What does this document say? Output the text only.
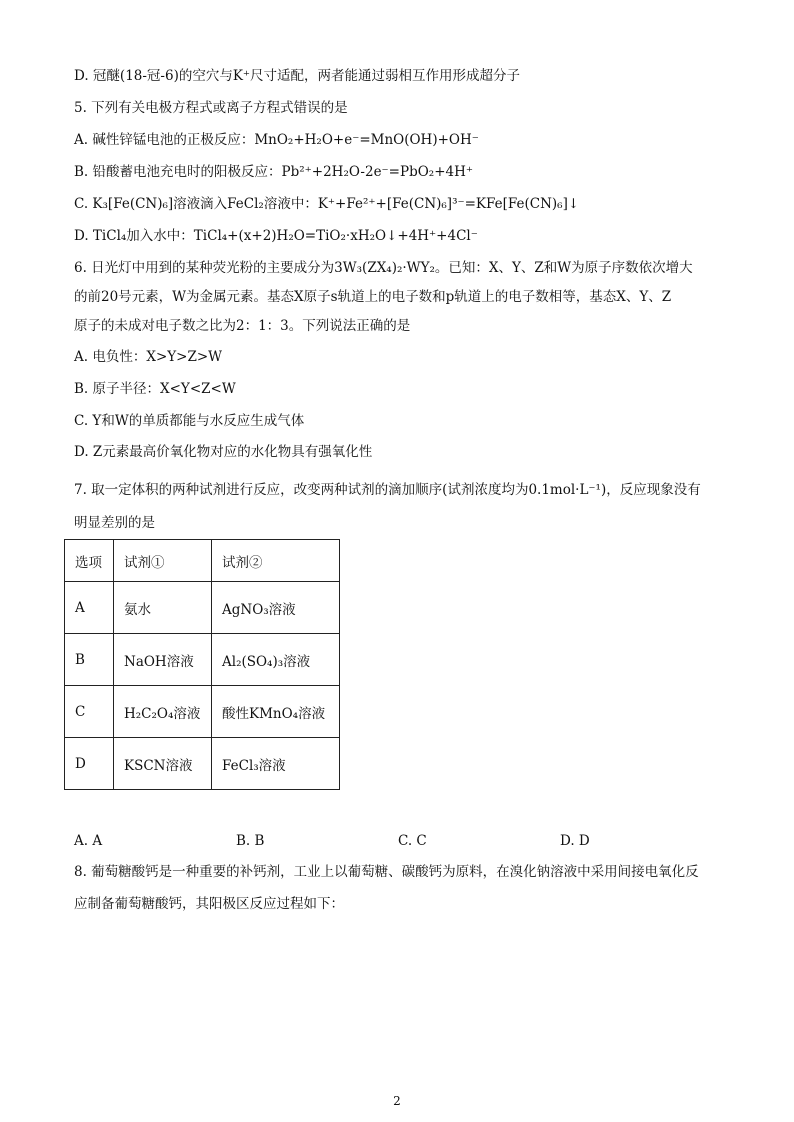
D. 冠醚(18-冠-6)的空穴与K⁺尺寸适配，两者能通过弱相互作用形成超分子
5. 下列有关电极方程式或离子方程式错误的是
A. 碱性锌锰电池的正极反应：MnO₂+H₂O+e⁻=MnO(OH)+OH⁻
B. 铅酸蓄电池充电时的阳极反应：Pb²⁺+2H₂O-2e⁻=PbO₂+4H⁺
C. K₃[Fe(CN)₆]溶液滴入FeCl₂溶液中：K⁺+Fe²⁺+[Fe(CN)₆]³⁻=KFe[Fe(CN)₆]↓
D. TiCl₄加入水中：TiCl₄+(x+2)H₂O=TiO₂·xH₂O↓+4H⁺+4Cl⁻
6. 日光灯中用到的某种荧光粉的主要成分为3W₃(ZX₄)₂·WY₂。已知：X、Y、Z和W为原子序数依次增大
的前20号元素，W为金属元素。基态X原子s轨道上的电子数和p轨道上的电子数相等，基态X、Y、Z
原子的未成对电子数之比为2：1：3。下列说法正确的是
A. 电负性：X>Y>Z>W
B. 原子半径：X<Y<Z<W
C. Y和W的单质都能与水反应生成气体
D. Z元素最高价氧化物对应的水化物具有强氧化性
7. 取一定体积的两种试剂进行反应，改变两种试剂的滴加顺序(试剂浓度均为0.1mol·L⁻¹)，反应现象没有
明显差别的是
选项	试剂①	试剂②
A	氨水	AgNO₃溶液
B	NaOH溶液	Al₂(SO₄)₃溶液
C	H₂C₂O₄溶液	酸性KMnO₄溶液
D	KSCN溶液	FeCl₃溶液
A. A	B. B	C. C	D. D
8. 葡萄糖酸钙是一种重要的补钙剂，工业上以葡萄糖、碳酸钙为原料，在溴化钠溶液中采用间接电氧化反
应制备葡萄糖酸钙，其阳极区反应过程如下：
2
